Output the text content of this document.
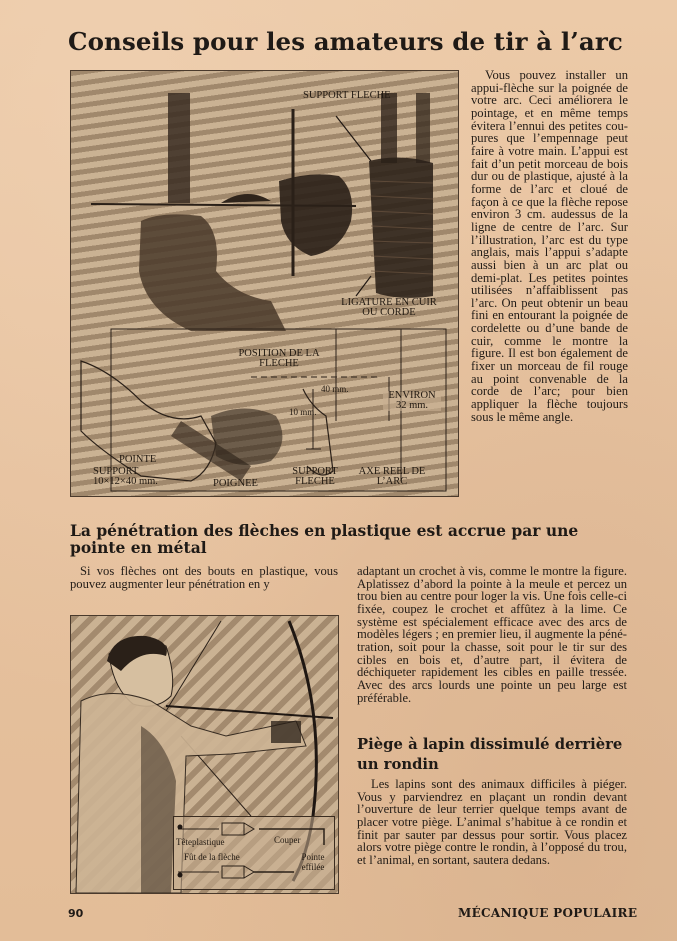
Conseils pour les amateurs de tir à l’arc
SUPPORT FLECHE
LIGATURE EN CUIR OU CORDE
POSITION DE LA FLECHE
40 mm.
10 mm.
ENVIRON 32 mm.
POINTE
SUPPORT 10×12×40 mm.	POIGNEE
SUPPORT FLECHE
AXE REEL DE L’ARC
Vous pouvez installer un appui-flèche sur la poignée de votre arc. Ceci améliorera le pointage, et en même temps évitera l’ennui des petites coupures que l’empennage peut faire à votre main. L’appui est fait d’un petit morceau de bois dur ou de plastique, ajusté à la forme de l’arc et cloué de façon à ce que la flèche repose environ 3 cm. audessus de la ligne de centre de l’arc. Sur l’illustration, l’arc est du type anglais, mais l’appui s’adapte aussi bien à un arc plat ou demi-plat. Les petites pointes utilisées n’affaiblissent pas l’arc. On peut obtenir un beau fini en entourant la poignée de cordelette ou d’une bande de cuir, comme le montre la figure. Il est bon également de fixer un morceau de fil rouge au point convenable de la corde de l’arc; pour bien appliquer la flèche toujours sous le même angle.
La pénétration des flèches en plastique est accrue par une pointe en métal
Si vos flèches ont des bouts en plastique, vous pouvez augmenter leur pénétration en y
Têteplastique
Fût de la flèche
Couper
Pointe effilée
adaptant un crochet à vis, comme le montre la figure. Aplatissez d’abord la pointe à la meule et percez un trou bien au centre pour loger la vis. Une fois celle-ci fixée, coupez le crochet et affûtez à la lime. Ce système est spécialement efficace avec des arcs de modèles légers ; en premier lieu, il augmente la pénétration, soit pour la chasse, soit pour le tir sur des cibles en bois et, d’autre part, il évitera de déchiqueter rapidement les cibles en paille tressée. Avec des arcs lourds une pointe un peu large est préférable.
Piège à lapin dissimulé derrière un rondin
Les lapins sont des animaux difficiles à piéger. Vous y parviendrez en plaçant un rondin devant l’ouverture de leur terrier quelque temps avant de placer votre piège. L’animal s’habitue à ce rondin et finit par sauter par dessus pour sortir. Vous placez alors votre piège contre le rondin, à l’opposé du trou, et l’animal, en sortant, sautera dedans.
90	MÉCANIQUE POPULAIRE
